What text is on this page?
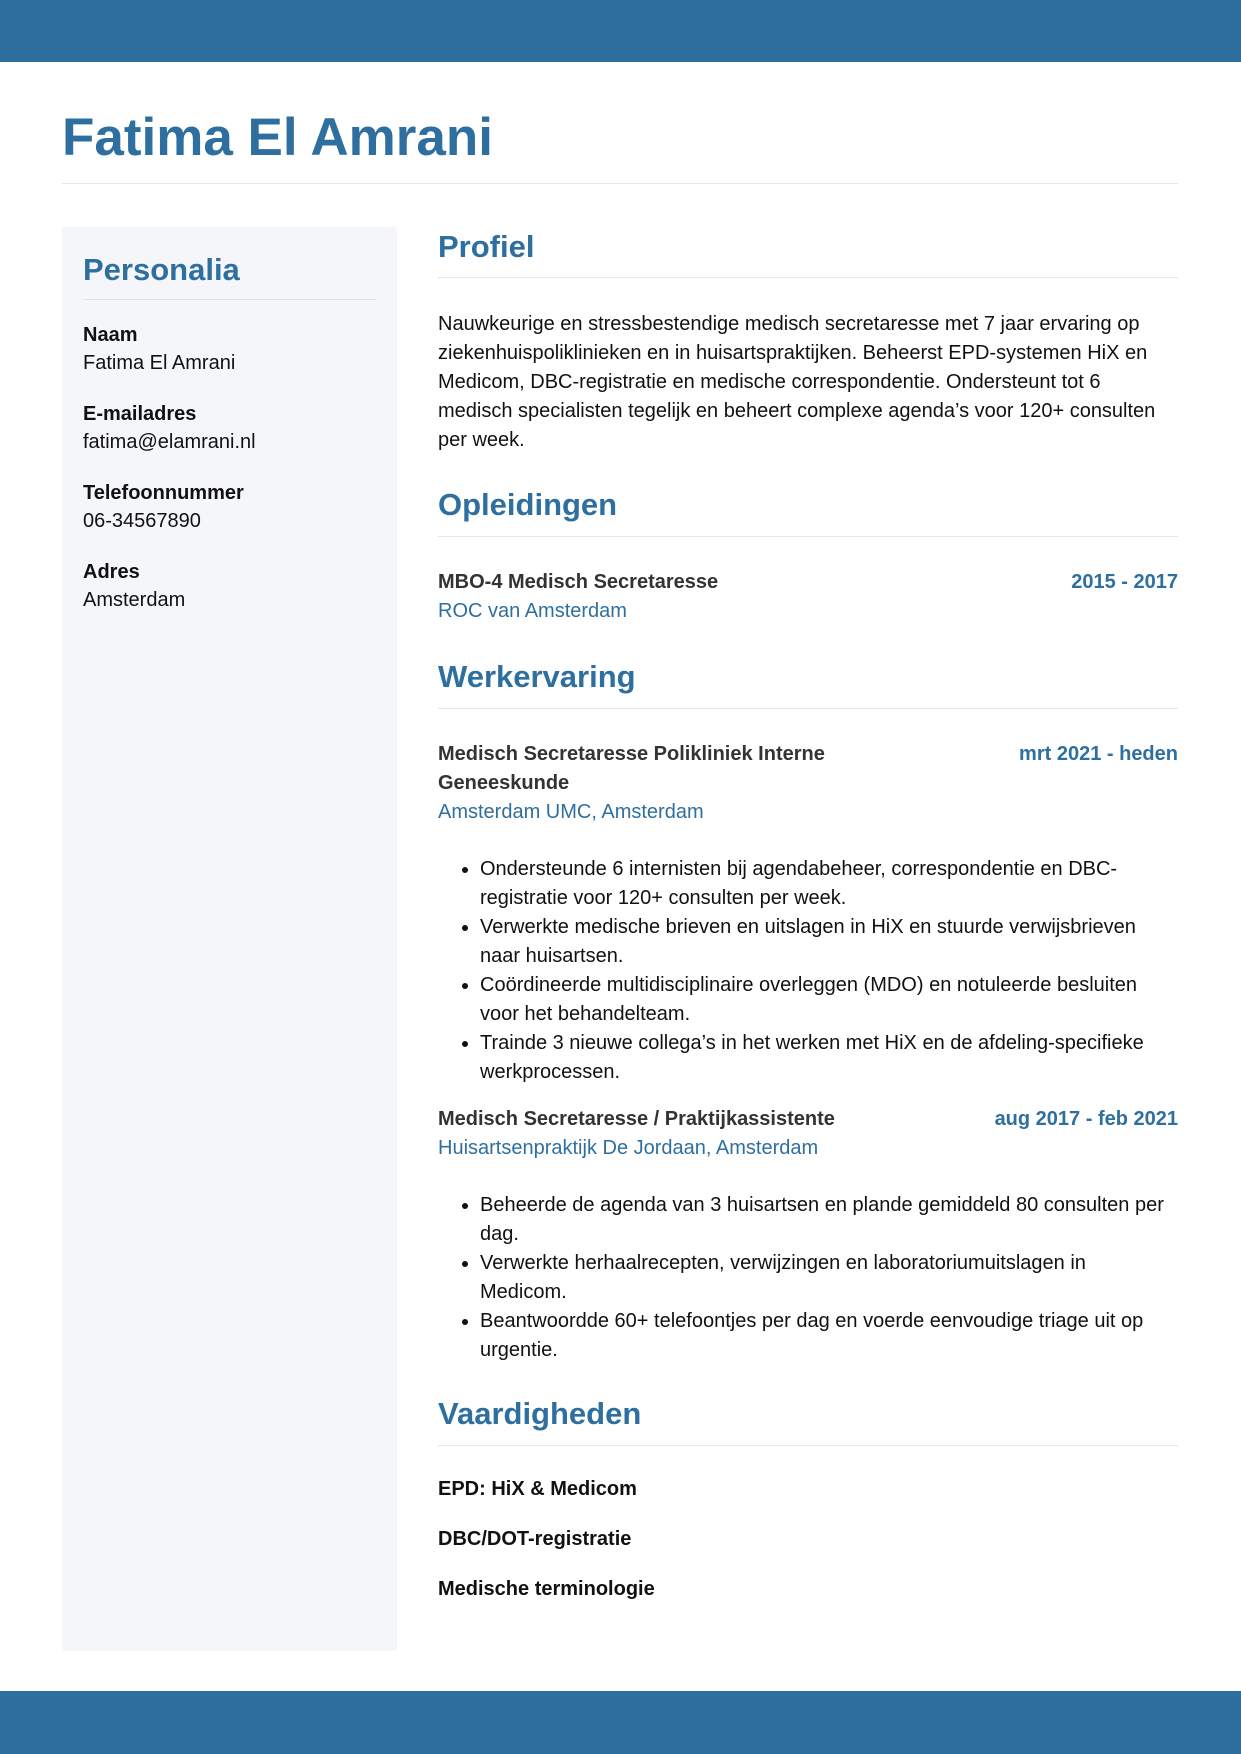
Fatima El Amrani
Personalia
Naam
Fatima El Amrani
E-mailadres
fatima@elamrani.nl
Telefoonnummer
06-34567890
Adres
Amsterdam
Profiel

Nauwkeurige en stressbestendige medisch secretaresse met 7 jaar ervaring op ziekenhuispoliklinieken en in huisartspraktijken. Beheerst EPD-systemen HiX en Medicom, DBC-registratie en medische correspondentie. Ondersteunt tot 6 medisch specialisten tegelijk en beheert complexe agenda’s voor 120+ consulten per week.

Opleidingen
MBO-4 Medisch Secretaresse	2015 - 2017
ROC van Amsterdam
Werkervaring
Medisch Secretaresse Polikliniek Interne Geneeskunde
mrt 2021 - heden
Amsterdam UMC, Amsterdam
• Ondersteunde 6 internisten bij agendabeheer, correspondentie en DBC-registratie voor 120+ consulten per week.
• Verwerkte medische brieven en uitslagen in HiX en stuurde verwijsbrieven naar huisartsen.
• Coördineerde multidisciplinaire overleggen (MDO) en notuleerde besluiten voor het behandelteam.
• Trainde 3 nieuwe collega’s in het werken met HiX en de afdeling-specifieke werkprocessen.
Medisch Secretaresse / Praktijkassistente	aug 2017 - feb 2021
Huisartsenpraktijk De Jordaan, Amsterdam
• Beheerde de agenda van 3 huisartsen en plande gemiddeld 80 consulten per dag.
• Verwerkte herhaalrecepten, verwijzingen en laboratoriumuitslagen in Medicom.
• Beantwoordde 60+ telefoontjes per dag en voerde eenvoudige triage uit op urgentie.
Vaardigheden
EPD: HiX & Medicom
DBC/DOT-registratie
Medische terminologie
